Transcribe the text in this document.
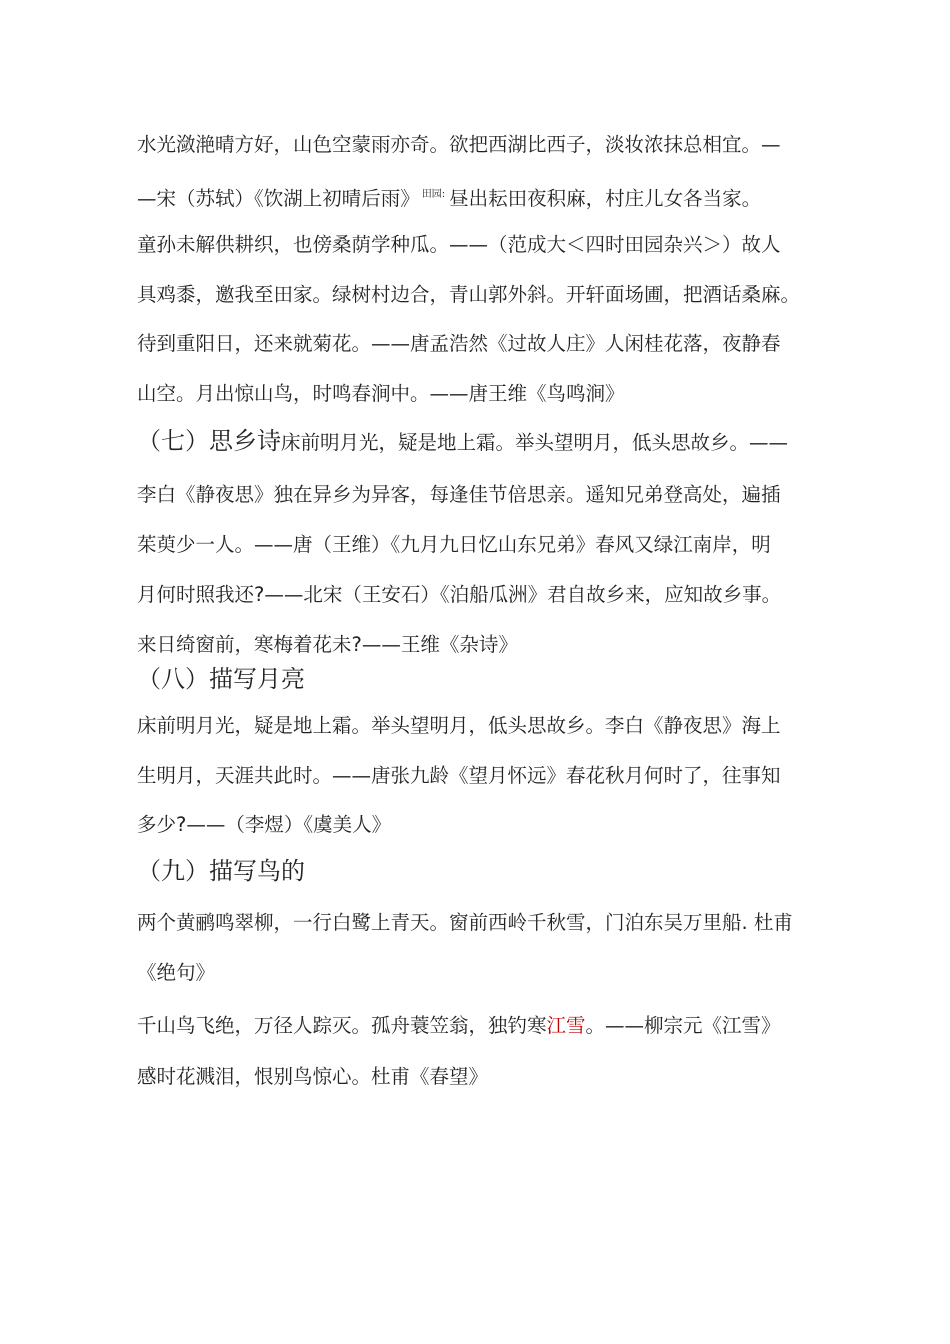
水光潋滟晴方好，山色空蒙雨亦奇。欲把西湖比西子，淡妆浓抹总相宜。—
—宋（苏轼）《饮湖上初晴后雨》 $^{田园:}$ 昼出耘田夜积麻，村庄儿女各当家。
童孙未解供耕织，也傍桑荫学种瓜。——（范成大＜四时田园杂兴＞）故人
具鸡黍，邀我至田家。绿树村边合，青山郭外斜。开轩面场圃，把酒话桑麻。
待到重阳日，还来就菊花。——唐孟浩然《过故人庄》人闲桂花落，夜静春
山空。月出惊山鸟，时鸣春涧中。——唐王维《鸟鸣涧》
（七）思乡诗床前明月光，疑是地上霜。举头望明月，低头思故乡。——
李白《静夜思》独在异乡为异客，每逢佳节倍思亲。遥知兄弟登高处，遍插
茱萸少一人。——唐（王维）《九月九日忆山东兄弟》春风又绿江南岸，明
月何时照我还?——北宋（王安石）《泊船瓜洲》君自故乡来，应知故乡事。
来日绮窗前，寒梅着花未?——王维《杂诗》
（八）描写月亮
床前明月光，疑是地上霜。举头望明月，低头思故乡。李白《静夜思》海上
生明月，天涯共此时。——唐张九龄《望月怀远》春花秋月何时了，往事知
多少?——（李煜）《虞美人》
（九）描写鸟的
两个黄鹂鸣翠柳，一行白鹭上青天。窗前西岭千秋雪，门泊东吴万里船. 杜甫
《绝句》
千山鸟飞绝，万径人踪灭。孤舟蓑笠翁，独钓寒江雪。——柳宗元《江雪》
感时花溅泪，恨别鸟惊心。杜甫《春望》
